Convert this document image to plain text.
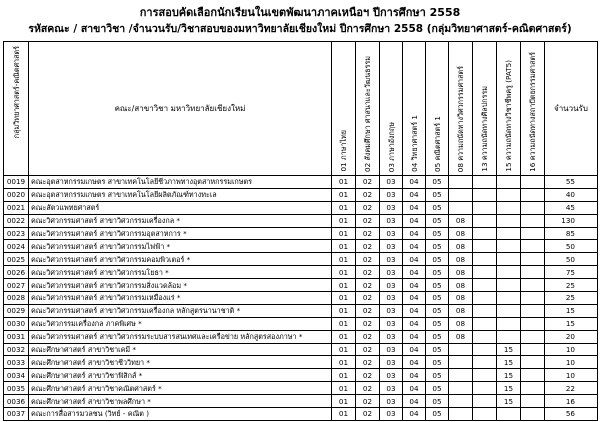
การสอบคัดเลือกนักเรียนในเขตพัฒนาภาคเหนือฯ ปีการศึกษา 2558
รหัสคณะ / สาขาวิชา /จำนวนรับ/วิชาสอบของมหาวิทยาลัยเชียงใหม่ ปีการศึกษา 2558 (กลุ่มวิทยาศาสตร์-คณิตศาสตร์)
กลุ่มวิทยาศาสตร์-คณิตศาสตร์	คณะ/สาขาวิชา มหาวิทยาลัยเชียงใหม่	01 ภาษาไทย	02 สังคมศึกษา ศาสนาและวัฒนธรรม	03 ภาษาอังกฤษ	04 วิทยาศาสตร์ 1	05 คณิตศาสตร์ 1	08 ความถนัดทางวิศวกรรมศาสตร์	13 ความถนัดทางศิลปกรรม	15 ความถนัดทางวิชาชีพครู (PAT5)	16 ความถนัดทางสถาปัตยกรรมศาสตร์	จำนวนรับ
0019	คณะอุตสาหกรรมเกษตร สาขาเทคโนโลยีชีวภาพทางอุตสาหกรรมเกษตร	01	02	03	04	05					55
0020	คณะอุตสาหกรรมเกษตร สาขาเทคโนโลยีผลิตภัณฑ์ทางทะเล	01	02	03	04	05					40
0021	คณะสัตวแพทยศาสตร์	01	02	03	04	05					45
0022	คณะวิศวกรรมศาสตร์ สาขาวิศวกรรมเครื่องกล *	01	02	03	04	05	08				130
0023	คณะวิศวกรรมศาสตร์ สาขาวิศวกรรมอุตสาหการ *	01	02	03	04	05	08				85
0024	คณะวิศวกรรมศาสตร์ สาขาวิศวกรรมไฟฟ้า *	01	02	03	04	05	08				50
0025	คณะวิศวกรรมศาสตร์ สาขาวิศวกรรมคอมพิวเตอร์ *	01	02	03	04	05	08				50
0026	คณะวิศวกรรมศาสตร์ สาขาวิศวกรรมโยธา *	01	02	03	04	05	08				75
0027	คณะวิศวกรรมศาสตร์ สาขาวิศวกรรมสิ่งแวดล้อม *	01	02	03	04	05	08				25
0028	คณะวิศวกรรมศาสตร์ สาขาวิศวกรรมเหมืองแร่ *	01	02	03	04	05	08				25
0029	คณะวิศวกรรมศาสตร์ สาขาวิศวกรรมเครื่องกล หลักสูตรนานาชาติ *	01	02	03	04	05	08				15
0030	คณะวิศวกรรมเครื่องกล ภาคพิเศษ *	01	02	03	04	05	08				15
0031	คณะวิศวกรรมศาสตร์ สาขาวิศวกรรมระบบสารสนเทศและเครือข่าย หลักสูตรสองภาษา *	01	02	03	04	05	08				20
0032	คณะศึกษาศาสตร์ สาขาวิชาเคมี *	01	02	03	04	05			15		10
0033	คณะศึกษาศาสตร์ สาขาวิชาชีววิทยา *	01	02	03	04	05			15		10
0034	คณะศึกษาศาสตร์ สาขาวิชาฟิสิกส์ *	01	02	03	04	05			15		10
0035	คณะศึกษาศาสตร์ สาขาวิชาคณิตศาสตร์ *	01	02	03	04	05			15		22
0036	คณะศึกษาศาสตร์ สาขาวิชาพลศึกษา *	01	02	03	04	05			15		16
0037	คณะการสื่อสารมวลชน (วิทย์ - คณิต )	01	02	03	04	05					56
